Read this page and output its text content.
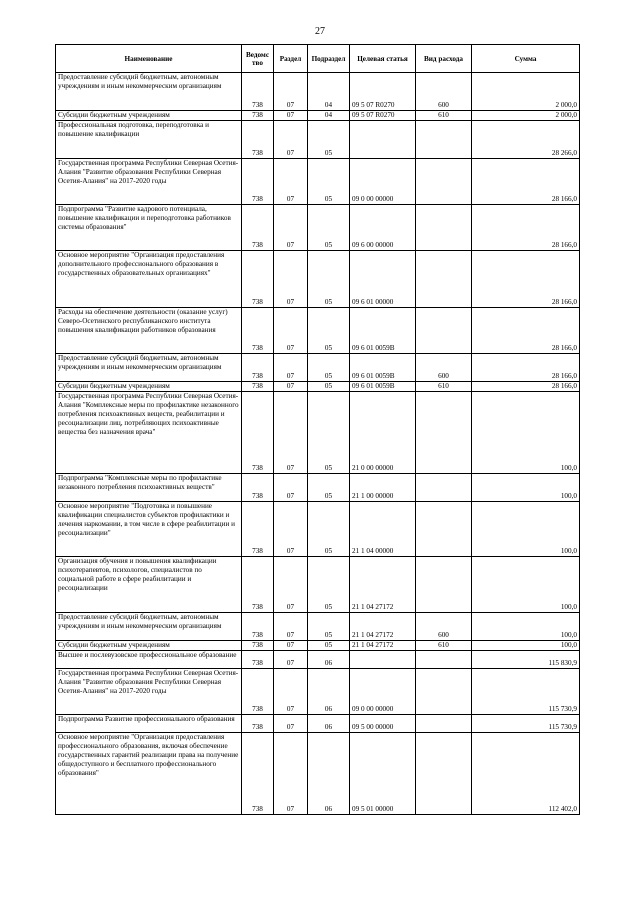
27
Наименование	Ведомс тво	Раздел	Подраздел	Целевая статья	Вид расхода	Сумма
Предоставление субсидий бюджетным, автономным учреждениям и иным некоммерческим организациям	738	07	04	09 5 07 R0270	600	2 000,0
Субсидии бюджетным учреждениям	738	07	04	09 5 07 R0270	610	2 000,0
Профессиональная подготовка, переподготовка и повышение квалификации	738	07	05			28 266,0
Государственная программа Республики Северная Осетия-Алания "Развитие образования Республики Северная Осетия-Алания" на 2017-2020 годы	738	07	05	09 0 00 00000		28 166,0
Подпрограмма "Развитие кадрового потенциала, повышение квалификации и переподготовка работников системы образования"	738	07	05	09 6 00 00000		28 166,0
Основное мероприятие "Организация предоставления дополнительного профессионального образования в государственных образовательных организациях"	738	07	05	09 6 01 00000		28 166,0
Расходы на обеспечение деятельности (оказание услуг) Северо-Осетинского республиканского института повышения квалификации работников образования	738	07	05	09 6 01 0059В		28 166,0
Предоставление субсидий бюджетным, автономным учреждениям и иным некоммерческим организациям	738	07	05	09 6 01 0059В	600	28 166,0
Субсидии бюджетным учреждениям	738	07	05	09 6 01 0059В	610	28 166,0
Государственная программа Республики Северная Осетия-Алания "Комплексные меры по профилактике незаконного потребления психоактивных веществ, реабилитации и ресоциализации лиц, потребляющих психоактивные вещества без назначения врача"	738	07	05	21 0 00 00000		100,0
Подпрограмма "Комплексные меры по профилактике незаконного потребления психоактивных веществ"	738	07	05	21 1 00 00000		100,0
Основное мероприятие "Подготовка и повышение квалификации специалистов субъектов профилактики и лечения наркомании, в том числе в сфере реабилитации и ресоциализации"	738	07	05	21 1 04 00000		100,0
Организация обучения и повышения квалификации психотерапевтов, психологов, специалистов по социальной работе в сфере реабилитации и ресоциализации	738	07	05	21 1 04 27172		100,0
Предоставление субсидий бюджетным, автономным учреждениям и иным некоммерческим организациям	738	07	05	21 1 04 27172	600	100,0
Субсидии бюджетным учреждениям	738	07	05	21 1 04 27172	610	100,0
Высшее и послевузовское профессиональное образование	738	07	06			115 830,9
Государственная программа Республики Северная Осетия-Алания "Развитие образования Республики Северная Осетия-Алания" на 2017-2020 годы	738	07	06	09 0 00 00000		115 730,9
Подпрограмма Развитие профессионального образования	738	07	06	09 5 00 00000		115 730,9
Основное мероприятие "Организация предоставления профессионального образования, включая обеспечение государственных гарантий реализации права на получение общедоступного и бесплатного профессионального образования"	738	07	06	09 5 01 00000		112 402,0
